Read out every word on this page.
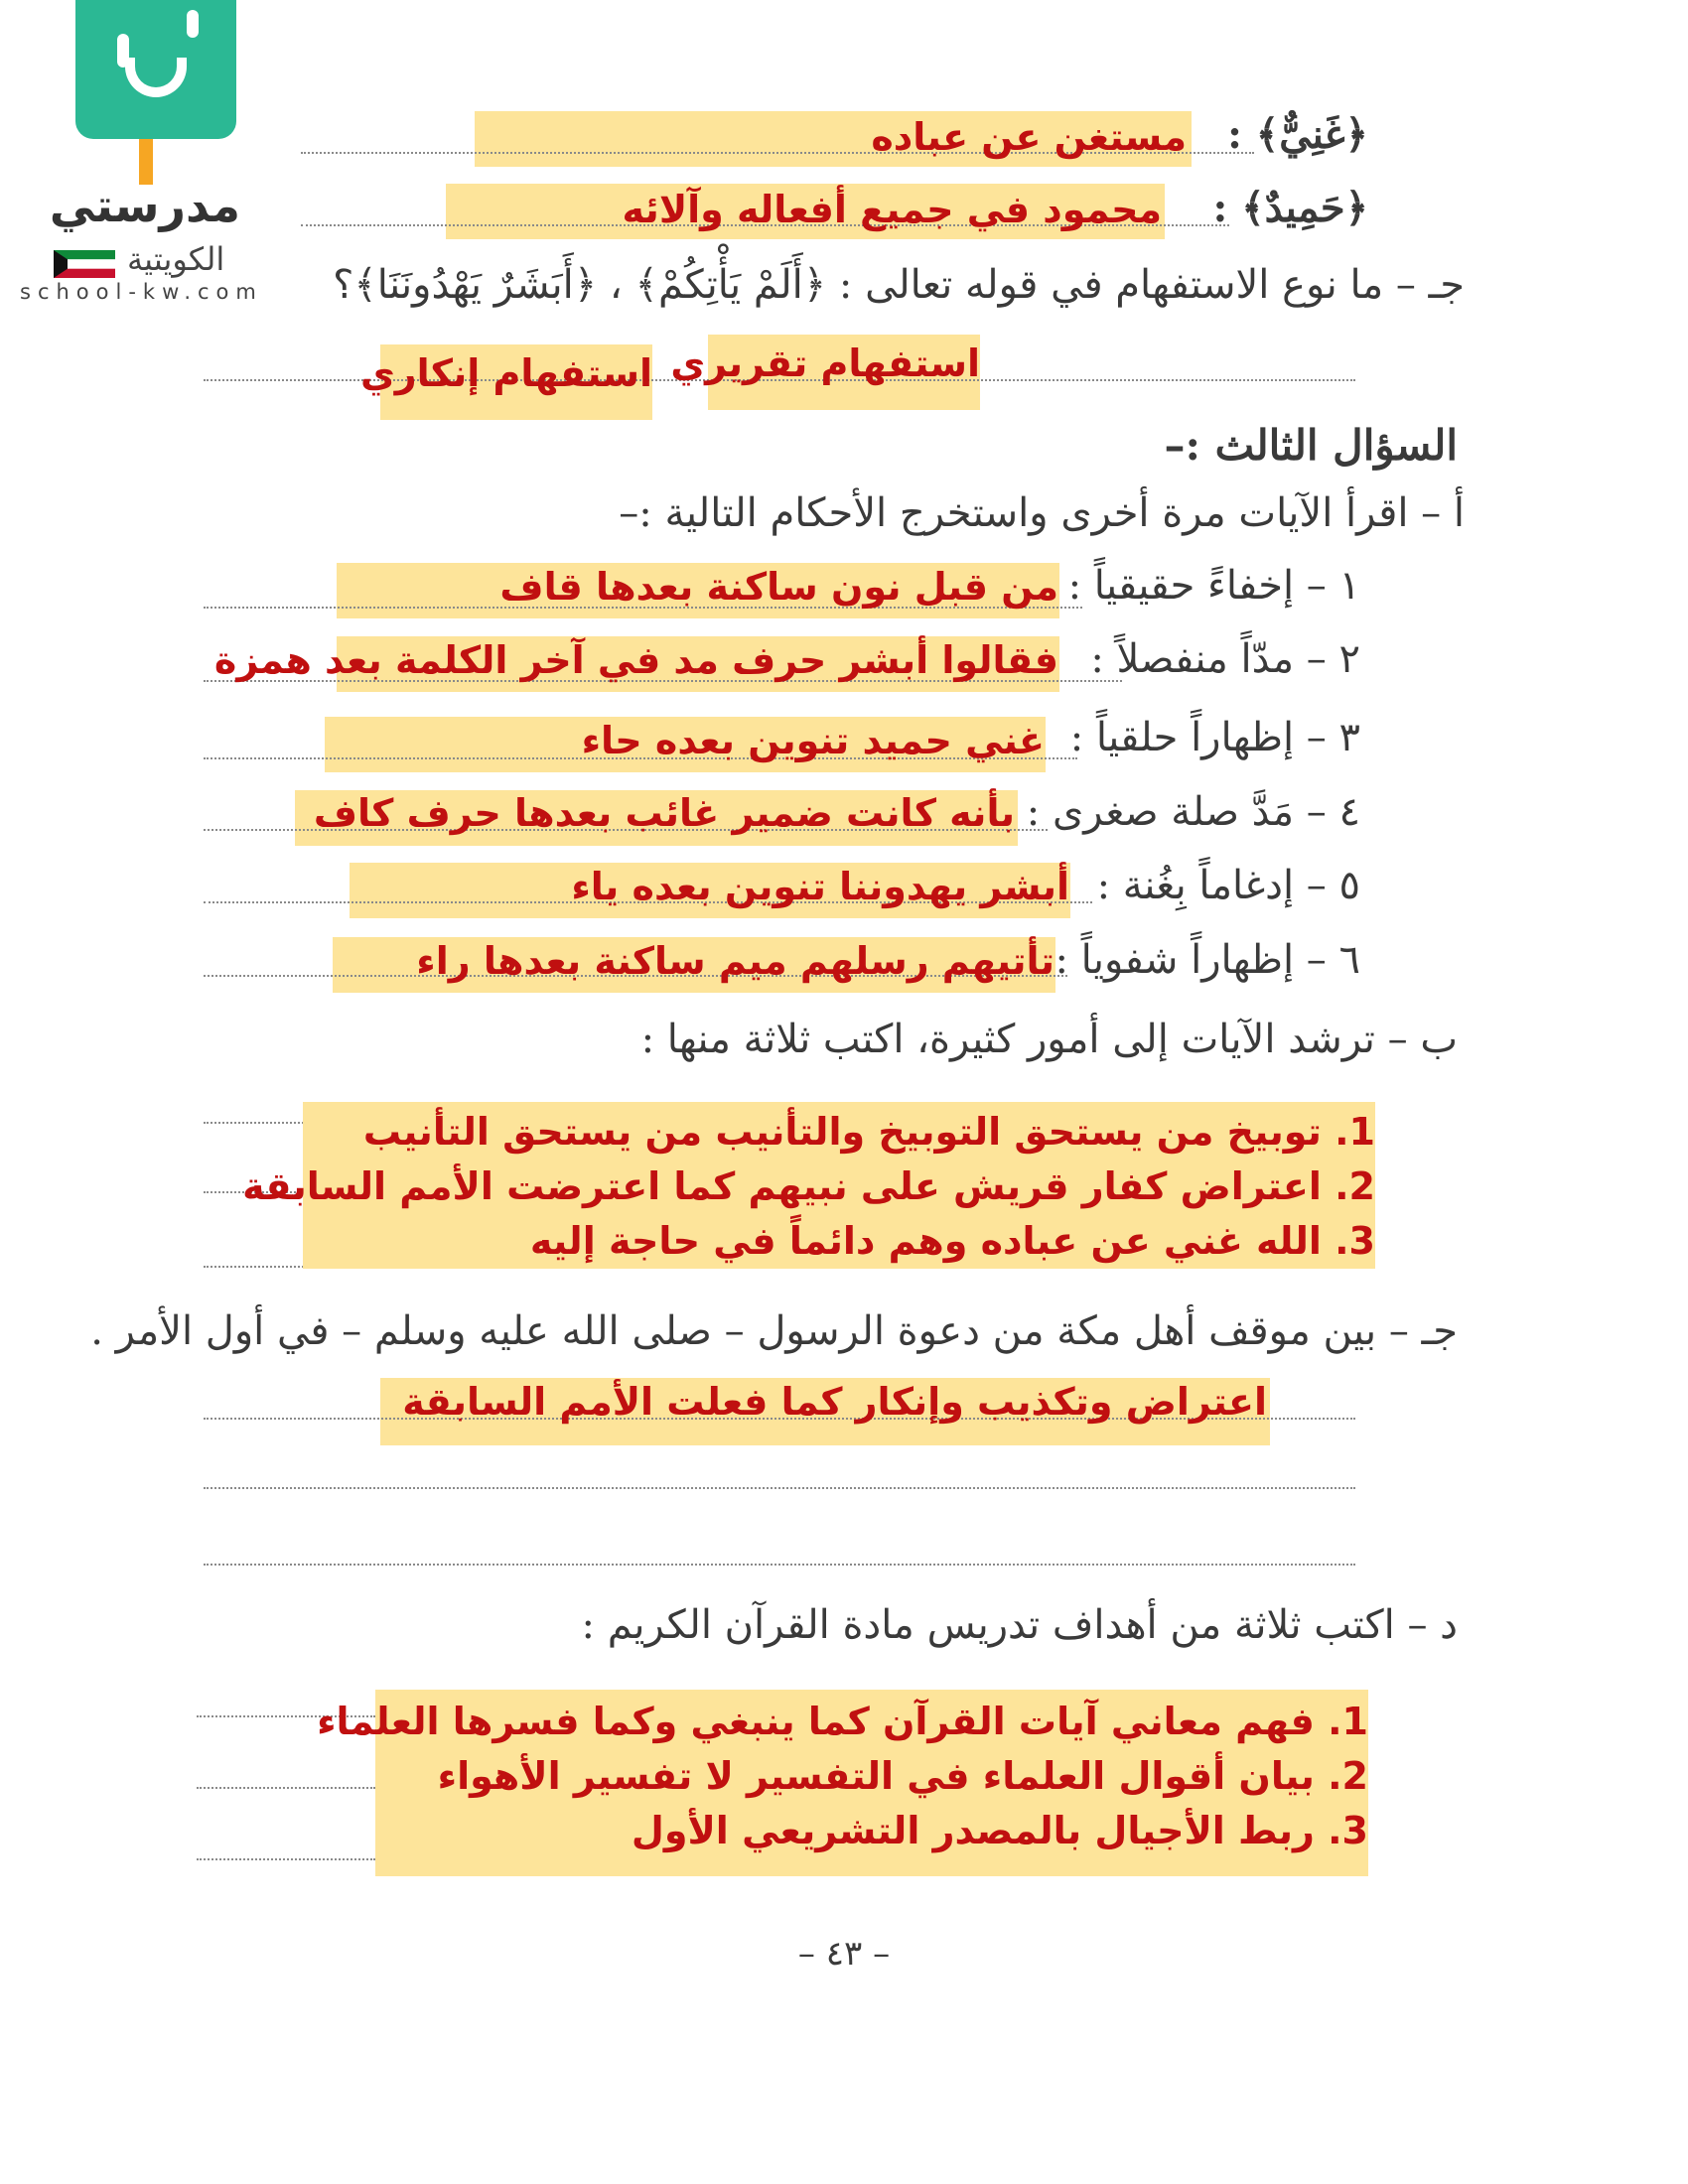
مدرستي
الكويتية
school-kw.com
مستغن عن عباده ﴿غَنِيٌّ﴾ :
محمود في جميع أفعاله وآلائه ﴿حَمِيدٌ﴾ :
جـ – ما نوع الاستفهام في قوله تعالى : ﴿أَلَمْ يَأْتِكُمْ﴾ ، ﴿أَبَشَرٌ يَهْدُونَنَا﴾؟
استفهام تقريري
استفهام إنكاري
السؤال الثالث :–
أ – اقرأ الآيات مرة أخرى واستخرج الأحكام التالية :–
من قبل نون ساكنة بعدها قاف ١ – إخفاءً حقيقياً :
فقالوا أبشر حرف مد في آخر الكلمة بعد همزة ٢ – مدّاً منفصلاً :
غني حميد تنوين بعده حاء ٣ – إظهاراً حلقياً :
بأنه كانت ضمير غائب بعدها حرف كاف ٤ – مَدَّ صلة صغرى :
أبشر يهدوننا تنوين بعده ياء ٥ – إدغاماً بِغُنة :
تأتيهم رسلهم ميم ساكنة بعدها راء ٦ – إظهاراً شفوياً :
ب – ترشد الآيات إلى أمور كثيرة، اكتب ثلاثة منها :
1. توبيخ من يستحق التوبيخ والتأنيب من يستحق التأنيب
2. اعتراض كفار قريش على نبيهم كما اعترضت الأمم السابقة
3. الله غني عن عباده وهم دائماً في حاجة إليه
جـ – بين موقف أهل مكة من دعوة الرسول – صلى الله عليه وسلم – في أول الأمر .
اعتراض وتكذيب وإنكار كما فعلت الأمم السابقة
د – اكتب ثلاثة من أهداف تدريس مادة القرآن الكريم :
1. فهم معاني آيات القرآن كما ينبغي وكما فسرها العلماء
2. بيان أقوال العلماء في التفسير لا تفسير الأهواء
3. ربط الأجيال بالمصدر التشريعي الأول
– ٤٣ –
